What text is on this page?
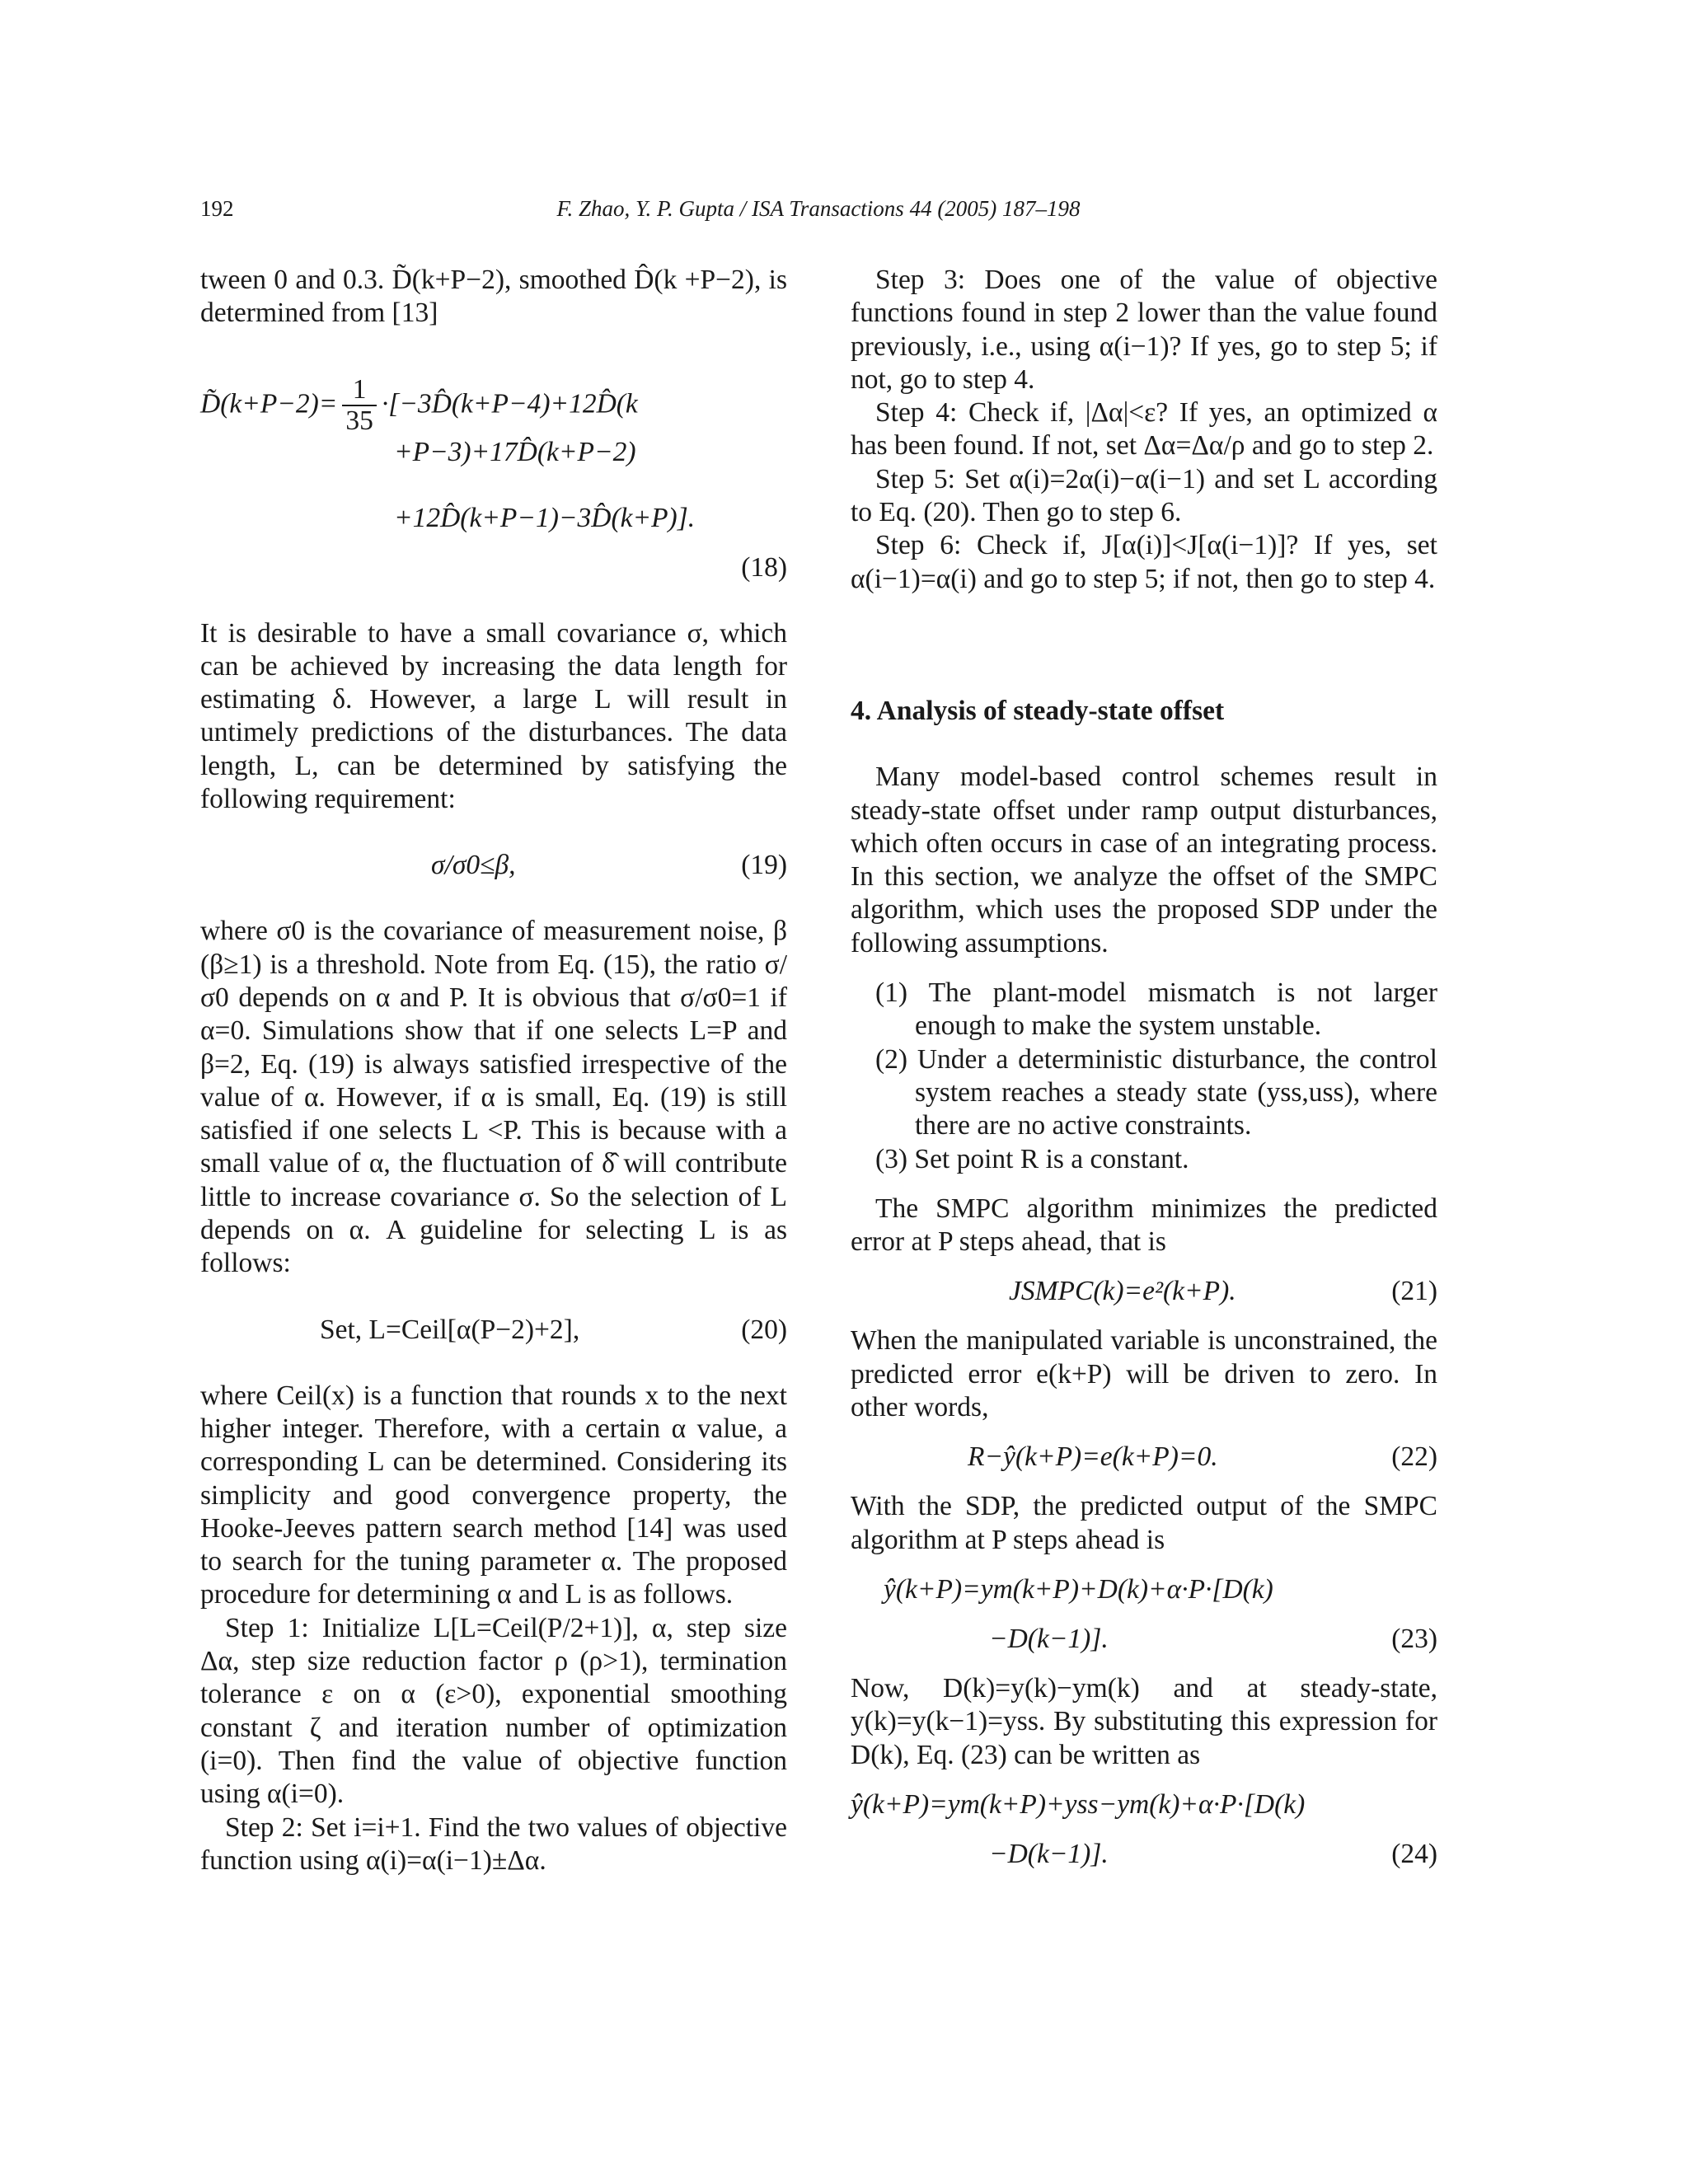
192	F. Zhao, Y. P. Gupta / ISA Transactions 44 (2005) 187–198

tween 0 and 0.3. D̃(k+P−2), smoothed D̂(k +P−2), is determined from [13]

D̃(k+P−2)= $\frac{1}{35}$ ·[−3D̂(k+P−4)+12D̂(k
+P−3)+17D̂(k+P−2)
+12D̂(k+P−1)−3D̂(k+P)].
(18)

It is desirable to have a small covariance σ, which can be achieved by increasing the data length for estimating δ. However, a large L will result in untimely predictions of the disturbances. The data length, L, can be determined by satisfying the following requirement:

σ/σ0≤β,	(19)

where σ0 is the covariance of measurement noise, β (β≥1) is a threshold. Note from Eq. (15), the ratio σ/σ0 depends on α and P. It is obvious that σ/σ0=1 if α=0. Simulations show that if one selects L=P and β=2, Eq. (19) is always satisfied irrespective of the value of α. However, if α is small, Eq. (19) is still satisfied if one selects L <P. This is because with a small value of α, the fluctuation of δ̂ will contribute little to increase covariance σ. So the selection of L depends on α. A guideline for selecting L is as follows:

Set, L=Ceil[α(P−2)+2],	(20)

where Ceil(x) is a function that rounds x to the next higher integer. Therefore, with a certain α value, a corresponding L can be determined. Considering its simplicity and good convergence property, the Hooke-Jeeves pattern search method [14] was used to search for the tuning parameter α. The proposed procedure for determining α and L is as follows.

Step 1: Initialize L[L=Ceil(P/2+1)], α, step size Δα, step size reduction factor ρ (ρ>1), termination tolerance ε on α (ε>0), exponential smoothing constant ζ and iteration number of optimization (i=0). Then find the value of objective function using α(i=0).

Step 2: Set i=i+1. Find the two values of objective function using α(i)=α(i−1)±Δα.

Step 3: Does one of the value of objective functions found in step 2 lower than the value found previously, i.e., using α(i−1)? If yes, go to step 5; if not, go to step 4.

Step 4: Check if, |Δα|<ε? If yes, an optimized α has been found. If not, set Δα=Δα/ρ and go to step 2.

Step 5: Set α(i)=2α(i)−α(i−1) and set L according to Eq. (20). Then go to step 6.

Step 6: Check if, J[α(i)]<J[α(i−1)]? If yes, set α(i−1)=α(i) and go to step 5; if not, then go to step 4.

4. Analysis of steady-state offset

Many model-based control schemes result in steady-state offset under ramp output disturbances, which often occurs in case of an integrating process. In this section, we analyze the offset of the SMPC algorithm, which uses the proposed SDP under the following assumptions.

(1) The plant-model mismatch is not larger enough to make the system unstable.
(2) Under a deterministic disturbance, the control system reaches a steady state (yss,uss), where there are no active constraints.
(3) Set point R is a constant.

The SMPC algorithm minimizes the predicted error at P steps ahead, that is

JSMPC(k)=e²(k+P).	(21)

When the manipulated variable is unconstrained, the predicted error e(k+P) will be driven to zero. In other words,

R−ŷ(k+P)=e(k+P)=0.	(22)

With the SDP, the predicted output of the SMPC algorithm at P steps ahead is

ŷ(k+P)=ym(k+P)+D(k)+α·P·[D(k)
−D(k−1)].	(23)

Now, D(k)=y(k)−ym(k) and at steady-state, y(k)=y(k−1)=yss. By substituting this expression for D(k), Eq. (23) can be written as

ŷ(k+P)=ym(k+P)+yss−ym(k)+α·P·[D(k)
−D(k−1)].	(24)
